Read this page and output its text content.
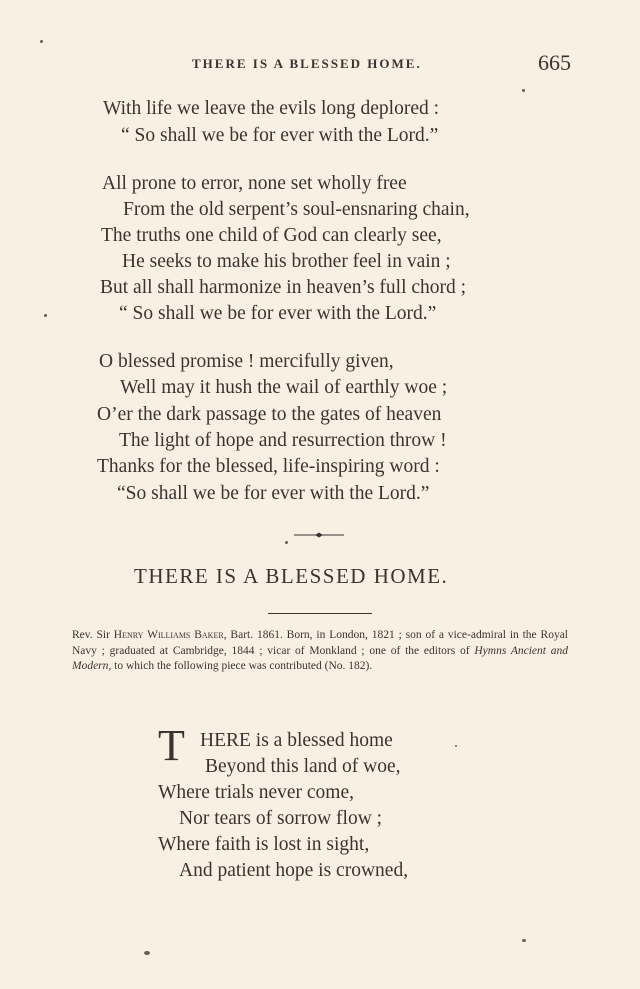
THERE IS A BLESSED HOME.	665
With life we leave the evils long deplored :
“ So shall we be for ever with the Lord.”
All prone to error, none set wholly free
From the old serpent’s soul-ensnaring chain,
The truths one child of God can clearly see,
He seeks to make his brother feel in vain ;
But all shall harmonize in heaven’s full chord ;
“ So shall we be for ever with the Lord.”
O blessed promise ! mercifully given,
Well may it hush the wail of earthly woe ;
O’er the dark passage to the gates of heaven
The light of hope and resurrection throw !
Thanks for the blessed, life-inspiring word :
“So shall we be for ever with the Lord.”
THERE IS A BLESSED HOME.
Rev. Sir Henry Williams Baker, Bart. 1861. Born, in London, 1821 ; son of a vice-admiral in the Royal Navy ; graduated at Cambridge, 1844 ; vicar of Monkland ; one of the editors of Hymns Ancient and Modern, to which the following piece was contributed (No. 182).
T HERE is a blessed home
Beyond this land of woe,
Where trials never come,
Nor tears of sorrow flow ;
Where faith is lost in sight,
And patient hope is crowned,
